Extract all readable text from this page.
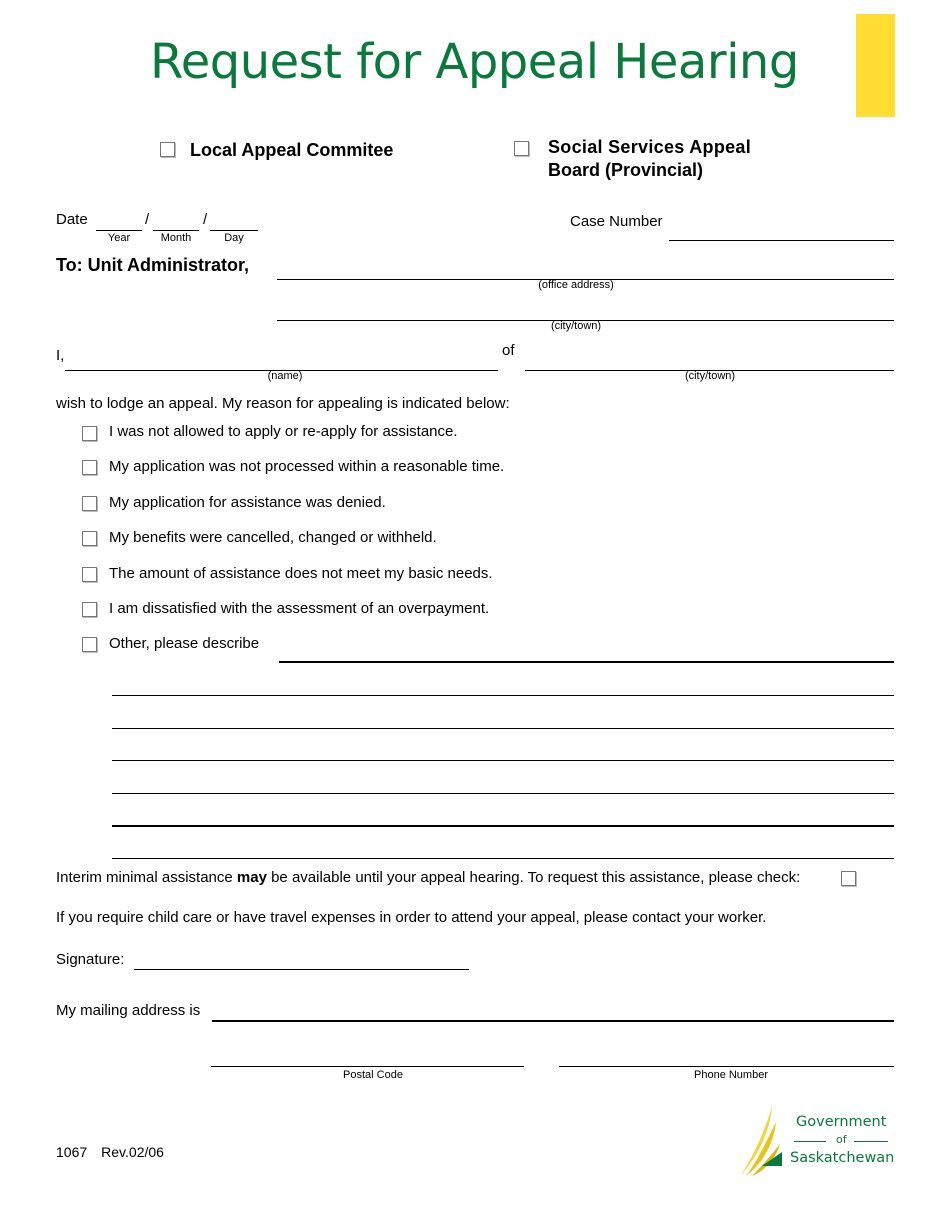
Request for Appeal Hearing
Local Appeal Commitee	Social Services Appeal
Board (Provincial)
Date	/	/
Year	Month	Day
Case Number
To: Unit Administrator,
(office address)
(city/town)
I,
(name)
of
(city/town)
wish to lodge an appeal. My reason for appealing is indicated below:
I was not allowed to apply or re-apply for assistance.
My application was not processed within a reasonable time.
My application for assistance was denied.
My benefits were cancelled, changed or withheld.
The amount of assistance does not meet my basic needs.
I am dissatisfied with the assessment of an overpayment.
Other, please describe
Interim minimal assistance may be available until your appeal hearing. To request this assistance, please check:
If you require child care or have travel expenses in order to attend your appeal, please contact your worker.
Signature:
My mailing address is
Postal Code	Phone Number
1067 Rev.02/06
Government
of
Saskatchewan
